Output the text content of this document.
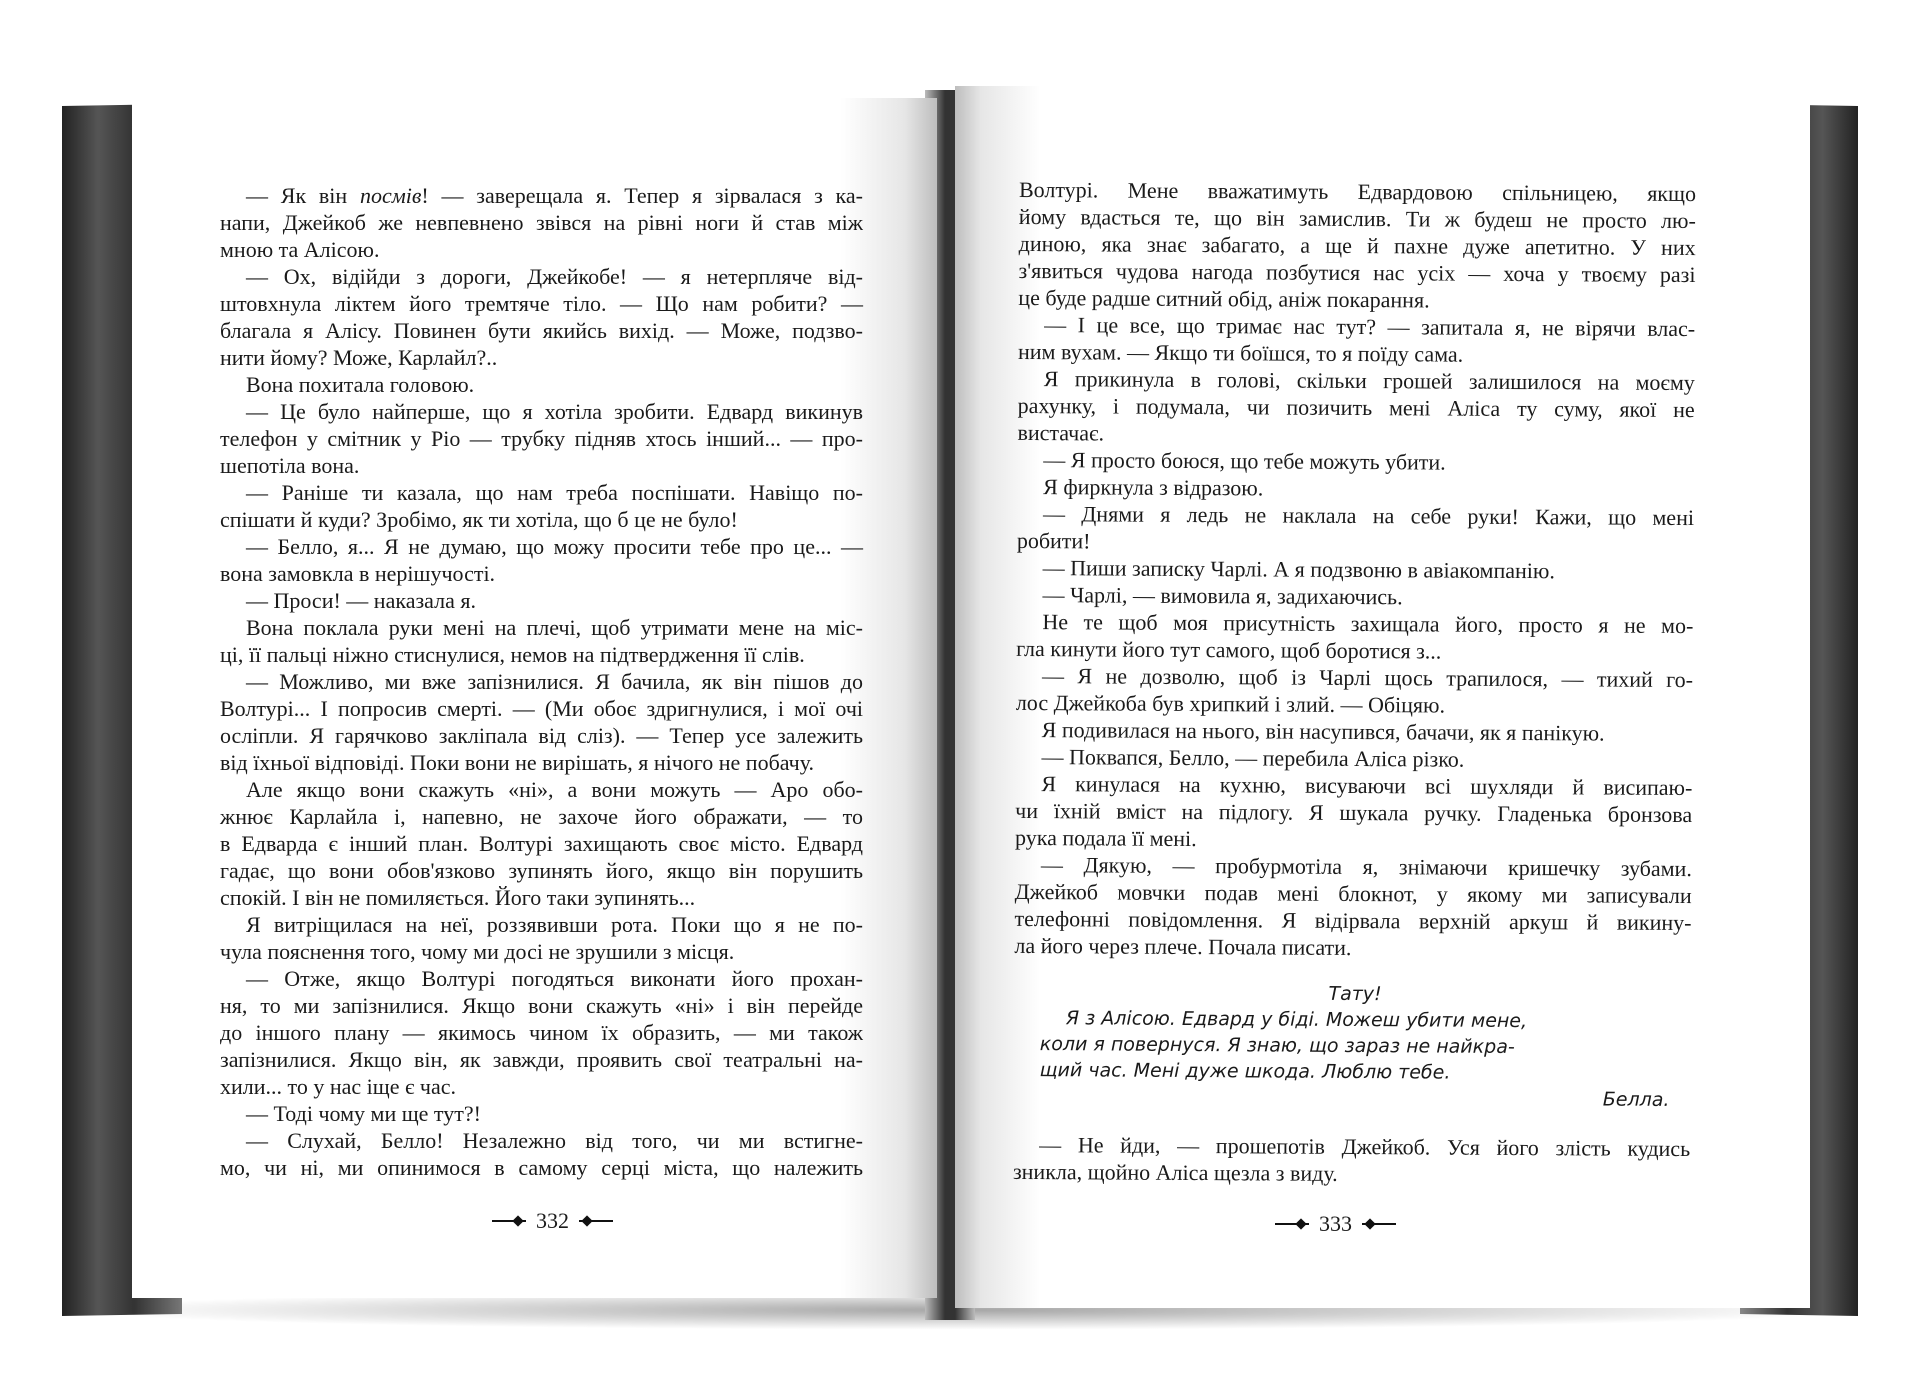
— Як він посмів! — заверещала я. Тепер я зірвалася з ка-
напи, Джейкоб же невпевнено звівся на рівні ноги й став між
мною та Алісою.
— Ох, відійди з дороги, Джейкобе! — я нетерпляче від-
штовхнула ліктем його тремтяче тіло. — Що нам робити? —
благала я Алісу. Повинен бути якийсь вихід. — Може, подзво-
нити йому? Може, Карлайл?..
Вона похитала головою.
— Це було найперше, що я хотіла зробити. Едвард викинув
телефон у смітник у Ріо — трубку підняв хтось інший... — про-
шепотіла вона.
— Раніше ти казала, що нам треба поспішати. Навіщо по-
спішати й куди? Зробімо, як ти хотіла, що б це не було!
— Белло, я... Я не думаю, що можу просити тебе про це... —
вона замовкла в нерішучості.
— Проси! — наказала я.
Вона поклала руки мені на плечі, щоб утримати мене на міс-
ці, її пальці ніжно стиснулися, немов на підтвердження її слів.
— Можливо, ми вже запізнилися. Я бачила, як він пішов до
Волтурі... І попросив смерті. — (Ми обоє здригнулися, і мої очі
осліпли. Я гарячково заклiпала від сліз). — Тепер усе залежить
від їхньої відповіді. Поки вони не вирішать, я нічого не побачу.
Але якщо вони скажуть «ні», а вони можуть — Аро обо-
жнює Карлайла і, напевно, не захоче його ображати, — то
в Едварда є інший план. Волтурі захищають своє місто. Едвард
гадає, що вони обов'язково зупинять його, якщо він порушить
спокій. І він не помиляється. Його таки зупинять...
Я витріщилася на неї, роззявивши рота. Поки що я не по-
чула пояснення того, чому ми досі не зрушили з місця.
— Отже, якщо Волтурі погодяться виконати його прохан-
ня, то ми запізнилися. Якщо вони скажуть «ні» і він перейде
до іншого плану — якимось чином їх образить, — ми також
запізнилися. Якщо він, як завжди, проявить свої театральні на-
хили... то у нас іще є час.
— Тоді чому ми ще тут?!
— Слухай, Белло! Незалежно від того, чи ми встигне-
мо, чи ні, ми опинимося в самому серці міста, що належить
332
Волтурі. Мене вважатимуть Едвардовою спільницею, якщо
йому вдасться те, що він замислив. Ти ж будеш не просто лю-
диною, яка знає забагато, а ще й пахне дуже апетитно. У них
з'явиться чудова нагода позбутися нас усіх — хоча у твоєму разі
це буде радше ситний обід, аніж покарання.
— І це все, що тримає нас тут? — запитала я, не вірячи влас-
ним вухам. — Якщо ти боїшся, то я поїду сама.
Я прикинула в голові, скільки грошей залишилося на моєму
рахунку, і подумала, чи позичить мені Аліса ту суму, якої не
вистачає.
— Я просто боюся, що тебе можуть убити.
Я фиркнула з відразою.
— Днями я ледь не наклала на себе руки! Кажи, що мені
робити!
— Пиши записку Чарлі. А я подзвоню в авіакомпанію.
— Чарлі, — вимовила я, задихаючись.
Не те щоб моя присутність захищала його, просто я не мо-
гла кинути його тут самого, щоб боротися з...
— Я не дозволю, щоб із Чарлі щось трапилося, — тихий го-
лос Джейкоба був хрипкий і злий. — Обіцяю.
Я подивилася на нього, він насупився, бачачи, як я панікую.
— Поквапся, Белло, — перебила Аліса різко.
Я кинулася на кухню, висуваючи всі шухляди й висипаю-
чи їхній вміст на підлогу. Я шукала ручку. Гладенька бронзова
рука подала її мені.
— Дякую, — пробурмотіла я, знімаючи кришечку зубами.
Джейкоб мовчки подав мені блокнот, у якому ми записували
телефонні повідомлення. Я відірвала верхній аркуш й викину-
ла його через плече. Почала писати.
Тату!
Я з Алісою. Едвард у біді. Можеш убити мене,
коли я повернуся. Я знаю, що зараз не найкра-
щий час. Мені дуже шкода. Люблю тебе.
Белла.
— Не йди, — прошепотів Джейкоб. Уся його злість кудись
зникла, щойно Аліса щезла з виду.
333
